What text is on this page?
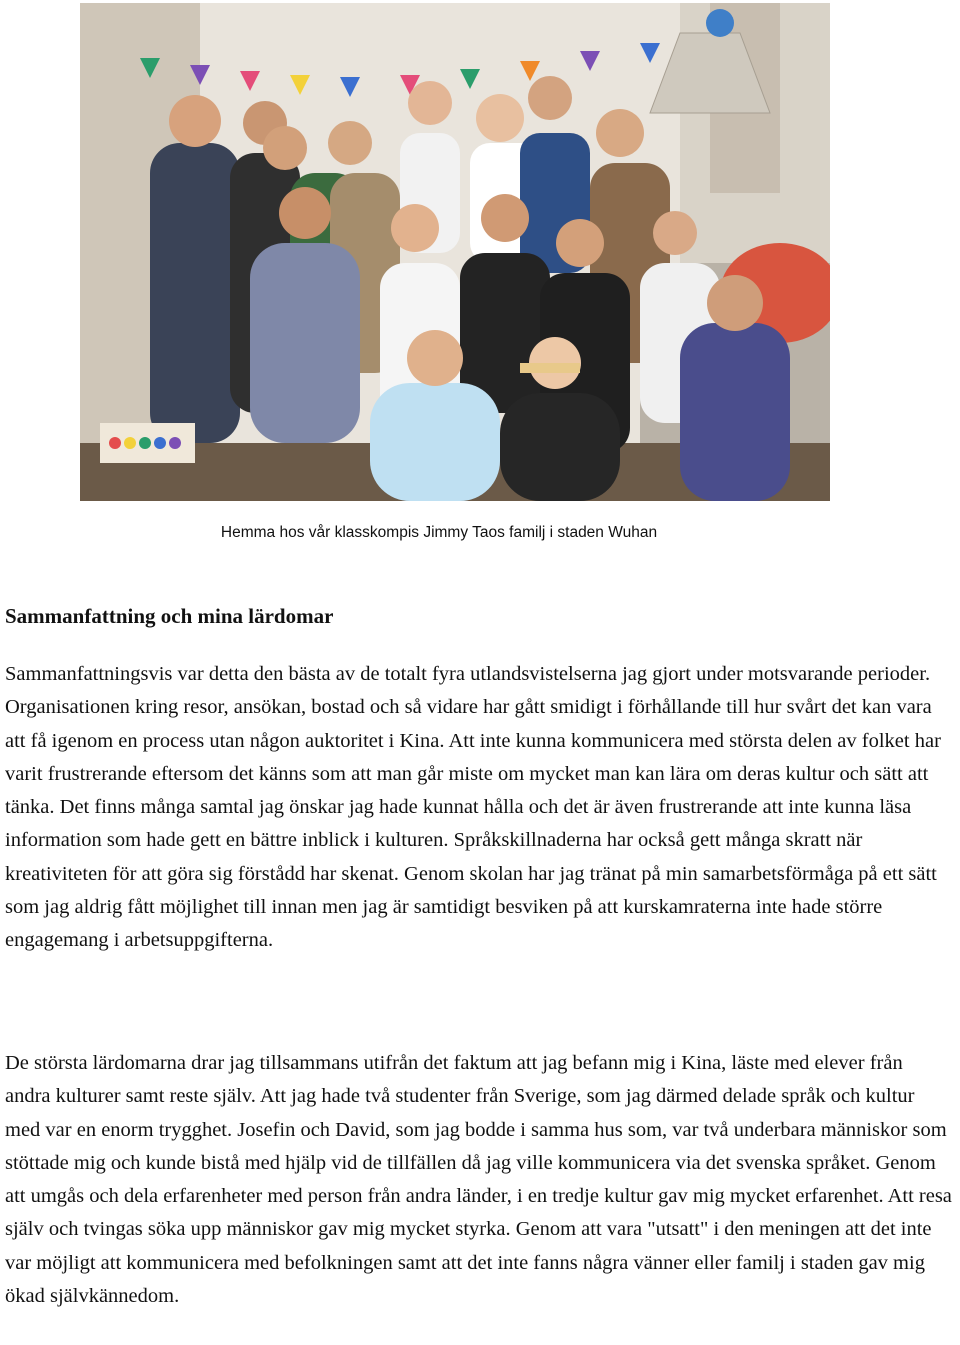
Hemma hos vår klasskompis Jimmy Taos familj i staden Wuhan
Sammanfattning och mina lärdomar

Sammanfattningsvis var detta den bästa av de totalt fyra utlandsvistelserna jag gjort under motsvarande perioder. Organisationen kring resor, ansökan, bostad och så vidare har gått smidigt i förhållande till hur svårt det kan vara att få igenom en process utan någon auktoritet i Kina. Att inte kunna kommunicera med största delen av folket har varit frustrerande eftersom det känns som att man går miste om mycket man kan lära om deras kultur och sätt att tänka. Det finns många samtal jag önskar jag hade kunnat hålla och det är även frustrerande att inte kunna läsa information som hade gett en bättre inblick i kulturen. Språkskillnaderna har också gett många skratt när kreativiteten för att göra sig förstådd har skenat. Genom skolan har jag tränat på min samarbetsförmåga på ett sätt som jag aldrig fått möjlighet till innan men jag är samtidigt besviken på att kurskamraterna inte hade större engagemang i arbetsuppgifterna.

De största lärdomarna drar jag tillsammans utifrån det faktum att jag befann mig i Kina, läste med elever från andra kulturer samt reste själv. Att jag hade två studenter från Sverige, som jag därmed delade språk och kultur med var en enorm trygghet. Josefin och David, som jag bodde i samma hus som, var två underbara människor som stöttade mig och kunde bistå med hjälp vid de tillfällen då jag ville kommunicera via det svenska språket. Genom att umgås och dela erfarenheter med person från andra länder, i en tredje kultur gav mig mycket erfarenhet. Att resa själv och tvingas söka upp människor gav mig mycket styrka. Genom att vara "utsatt" i den meningen att det inte var möjligt att kommunicera med befolkningen samt att det inte fanns några vänner eller familj i staden gav mig ökad självkännedom.
